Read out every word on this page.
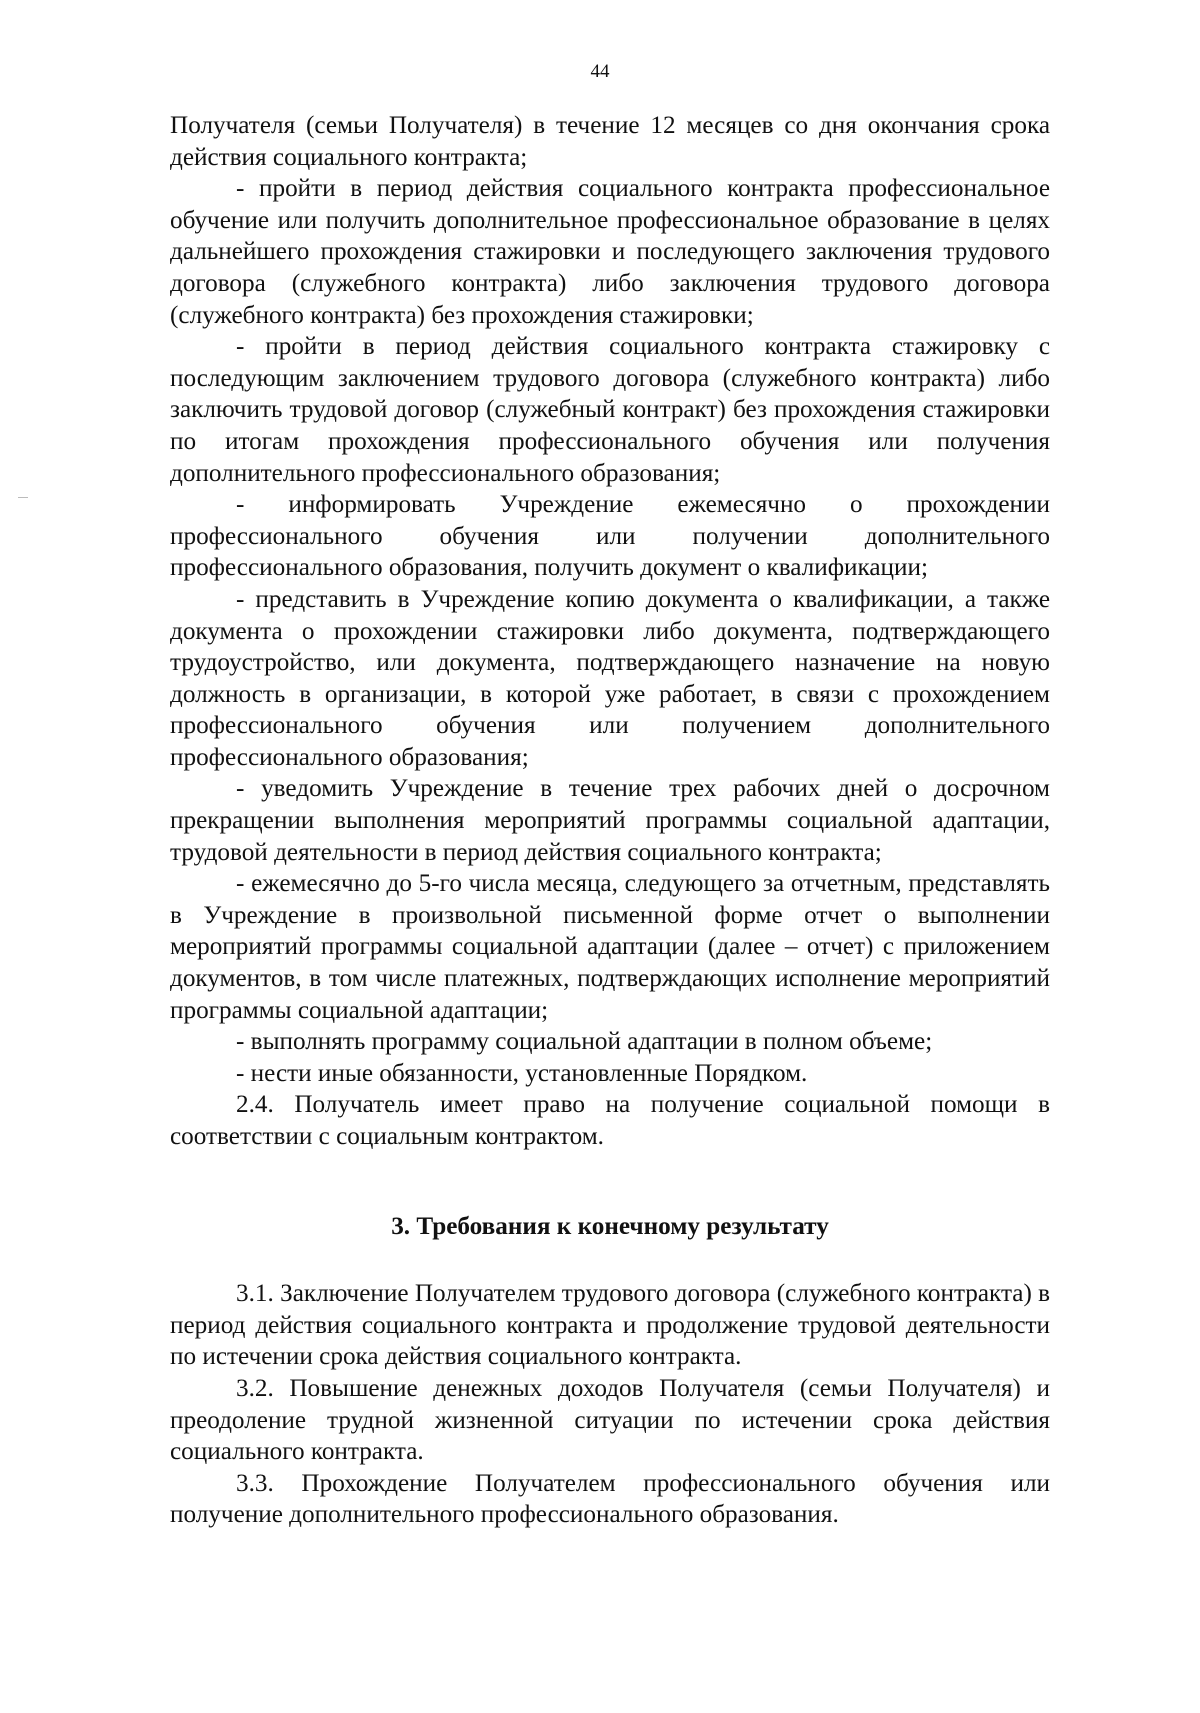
44

Получателя (семьи Получателя) в течение 12 месяцев со дня окончания срока действия социального контракта;

- пройти в период действия социального контракта профессиональное обучение или получить дополнительное профессиональное образование в целях дальнейшего прохождения стажировки и последующего заключения трудового договора (служебного контракта) либо заключения трудового договора (служебного контракта) без прохождения стажировки;

- пройти в период действия социального контракта стажировку с последующим заключением трудового договора (служебного контракта) либо заключить трудовой договор (служебный контракт) без прохождения стажировки по итогам прохождения профессионального обучения или получения дополнительного профессионального образования;

- информировать Учреждение ежемесячно о прохождении профессионального обучения или получении дополнительного профессионального образования, получить документ о квалификации;

- представить в Учреждение копию документа о квалификации, а также документа о прохождении стажировки либо документа, подтверждающего трудоустройство, или документа, подтверждающего назначение на новую должность в организации, в которой уже работает, в связи с прохождением профессионального обучения или получением дополнительного профессионального образования;

- уведомить Учреждение в течение трех рабочих дней о досрочном прекращении выполнения мероприятий программы социальной адаптации, трудовой деятельности в период действия социального контракта;

- ежемесячно до 5-го числа месяца, следующего за отчетным, представлять в Учреждение в произвольной письменной форме отчет о выполнении мероприятий программы социальной адаптации (далее – отчет) с приложением документов, в том числе платежных, подтверждающих исполнение мероприятий программы социальной адаптации;

- выполнять программу социальной адаптации в полном объеме;

- нести иные обязанности, установленные Порядком.

2.4. Получатель имеет право на получение социальной помощи в соответствии с социальным контрактом.

3. Требования к конечному результату

3.1. Заключение Получателем трудового договора (служебного контракта) в период действия социального контракта и продолжение трудовой деятельности по истечении срока действия социального контракта.

3.2. Повышение денежных доходов Получателя (семьи Получателя) и преодоление трудной жизненной ситуации по истечении срока действия социального контракта.

3.3. Прохождение Получателем профессионального обучения или получение дополнительного профессионального образования.
